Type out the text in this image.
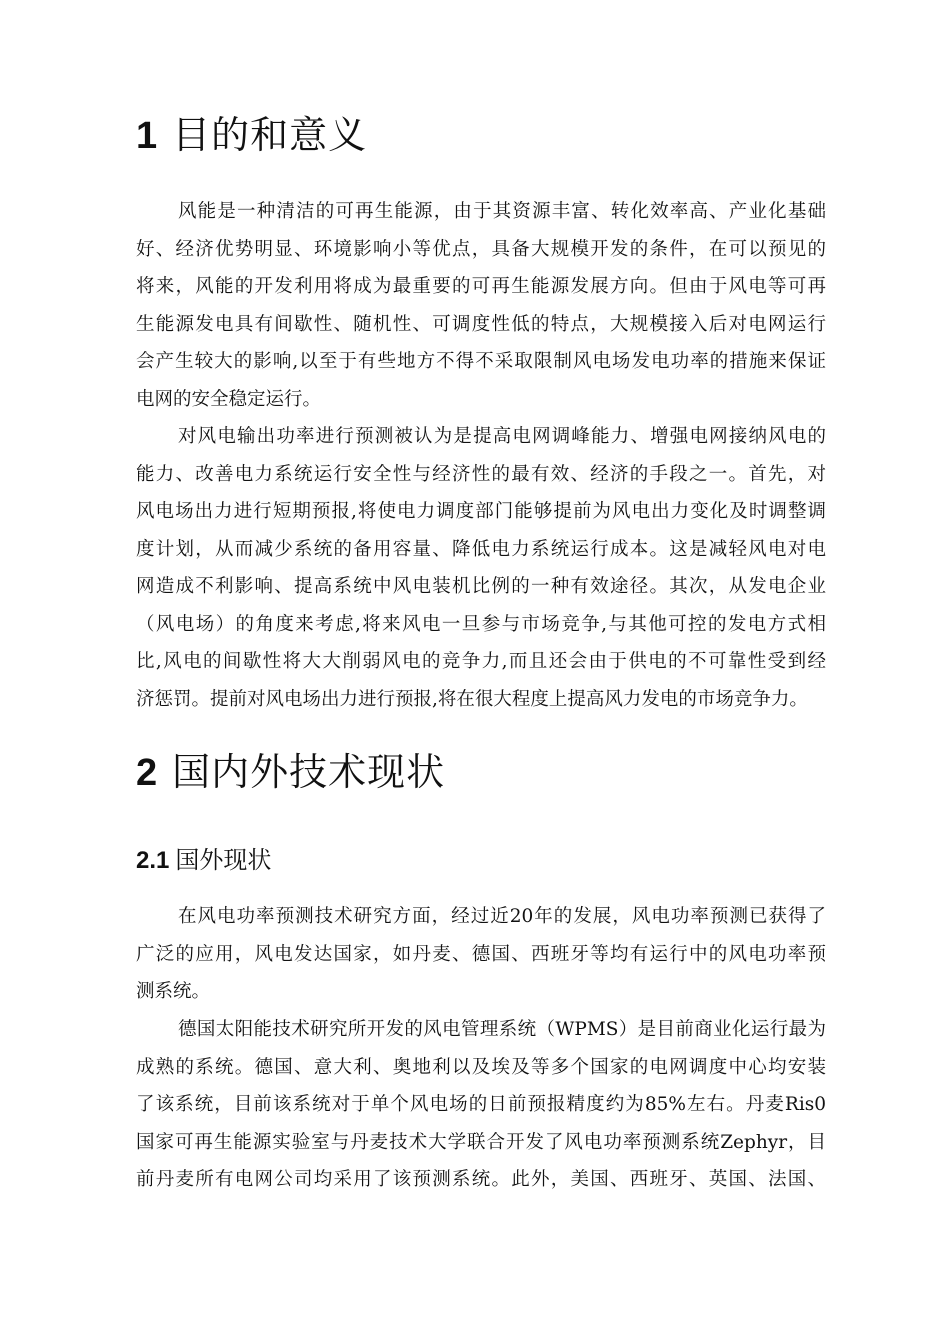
1 目的和意义
风能是一种清洁的可再生能源，由于其资源丰富、转化效率高、产业化基础
好、经济优势明显、环境影响小等优点，具备大规模开发的条件，在可以预见的
将来，风能的开发利用将成为最重要的可再生能源发展方向。但由于风电等可再
生能源发电具有间歇性、随机性、可调度性低的特点，大规模接入后对电网运行
会产生较大的影响,以至于有些地方不得不采取限制风电场发电功率的措施来保证
电网的安全稳定运行。
对风电输出功率进行预测被认为是提高电网调峰能力、增强电网接纳风电的
能力、改善电力系统运行安全性与经济性的最有效、经济的手段之一。首先，对
风电场出力进行短期预报,将使电力调度部门能够提前为风电出力变化及时调整调
度计划，从而减少系统的备用容量、降低电力系统运行成本。这是减轻风电对电
网造成不利影响、提高系统中风电装机比例的一种有效途径。其次，从发电企业
（风电场）的角度来考虑,将来风电一旦参与市场竞争,与其他可控的发电方式相
比,风电的间歇性将大大削弱风电的竞争力,而且还会由于供电的不可靠性受到经
济惩罚。提前对风电场出力进行预报,将在很大程度上提高风力发电的市场竞争力。
2 国内外技术现状
2.1 国外现状
在风电功率预测技术研究方面，经过近20年的发展，风电功率预测已获得了
广泛的应用，风电发达国家，如丹麦、德国、西班牙等均有运行中的风电功率预
测系统。
德国太阳能技术研究所开发的风电管理系统（WPMS）是目前商业化运行最为
成熟的系统。德国、意大利、奥地利以及埃及等多个国家的电网调度中心均安装
了该系统，目前该系统对于单个风电场的日前预报精度约为85%左右。丹麦Ris0
国家可再生能源实验室与丹麦技术大学联合开发了风电功率预测系统Zephyr，目
前丹麦所有电网公司均采用了该预测系统。此外，美国、西班牙、英国、法国、
